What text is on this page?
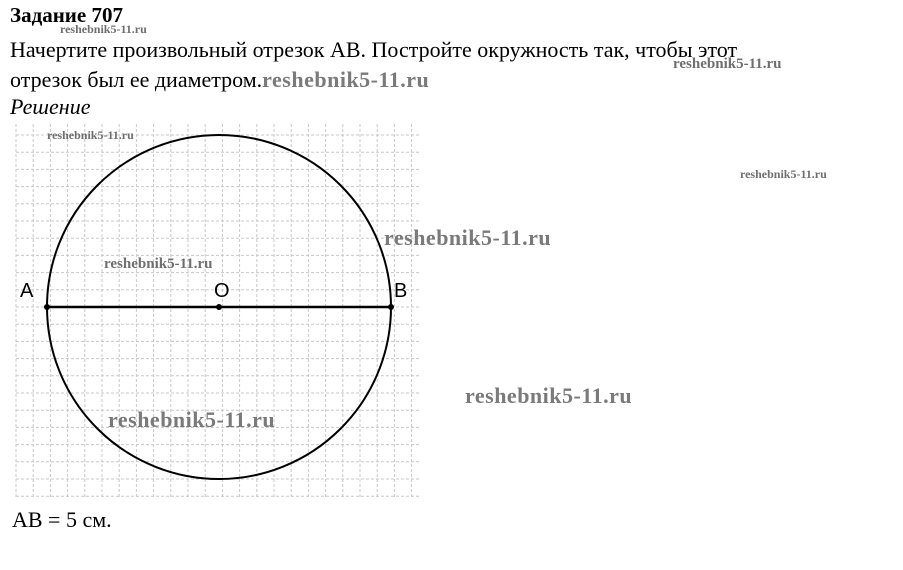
Задание 707
reshebnik5-11.ru
Начертите произвольный отрезок АВ. Постройте окружность так, чтобы этот
отрезок был ее диаметром.reshebnik5-11.ru
reshebnik5-11.ru
Решение
A	O	B
reshebnik5-11.ru
reshebnik5-11.ru
reshebnik5-11.ru
reshebnik5-11.ru
reshebnik5-11.ru
reshebnik5-11.ru
АВ = 5 см.
